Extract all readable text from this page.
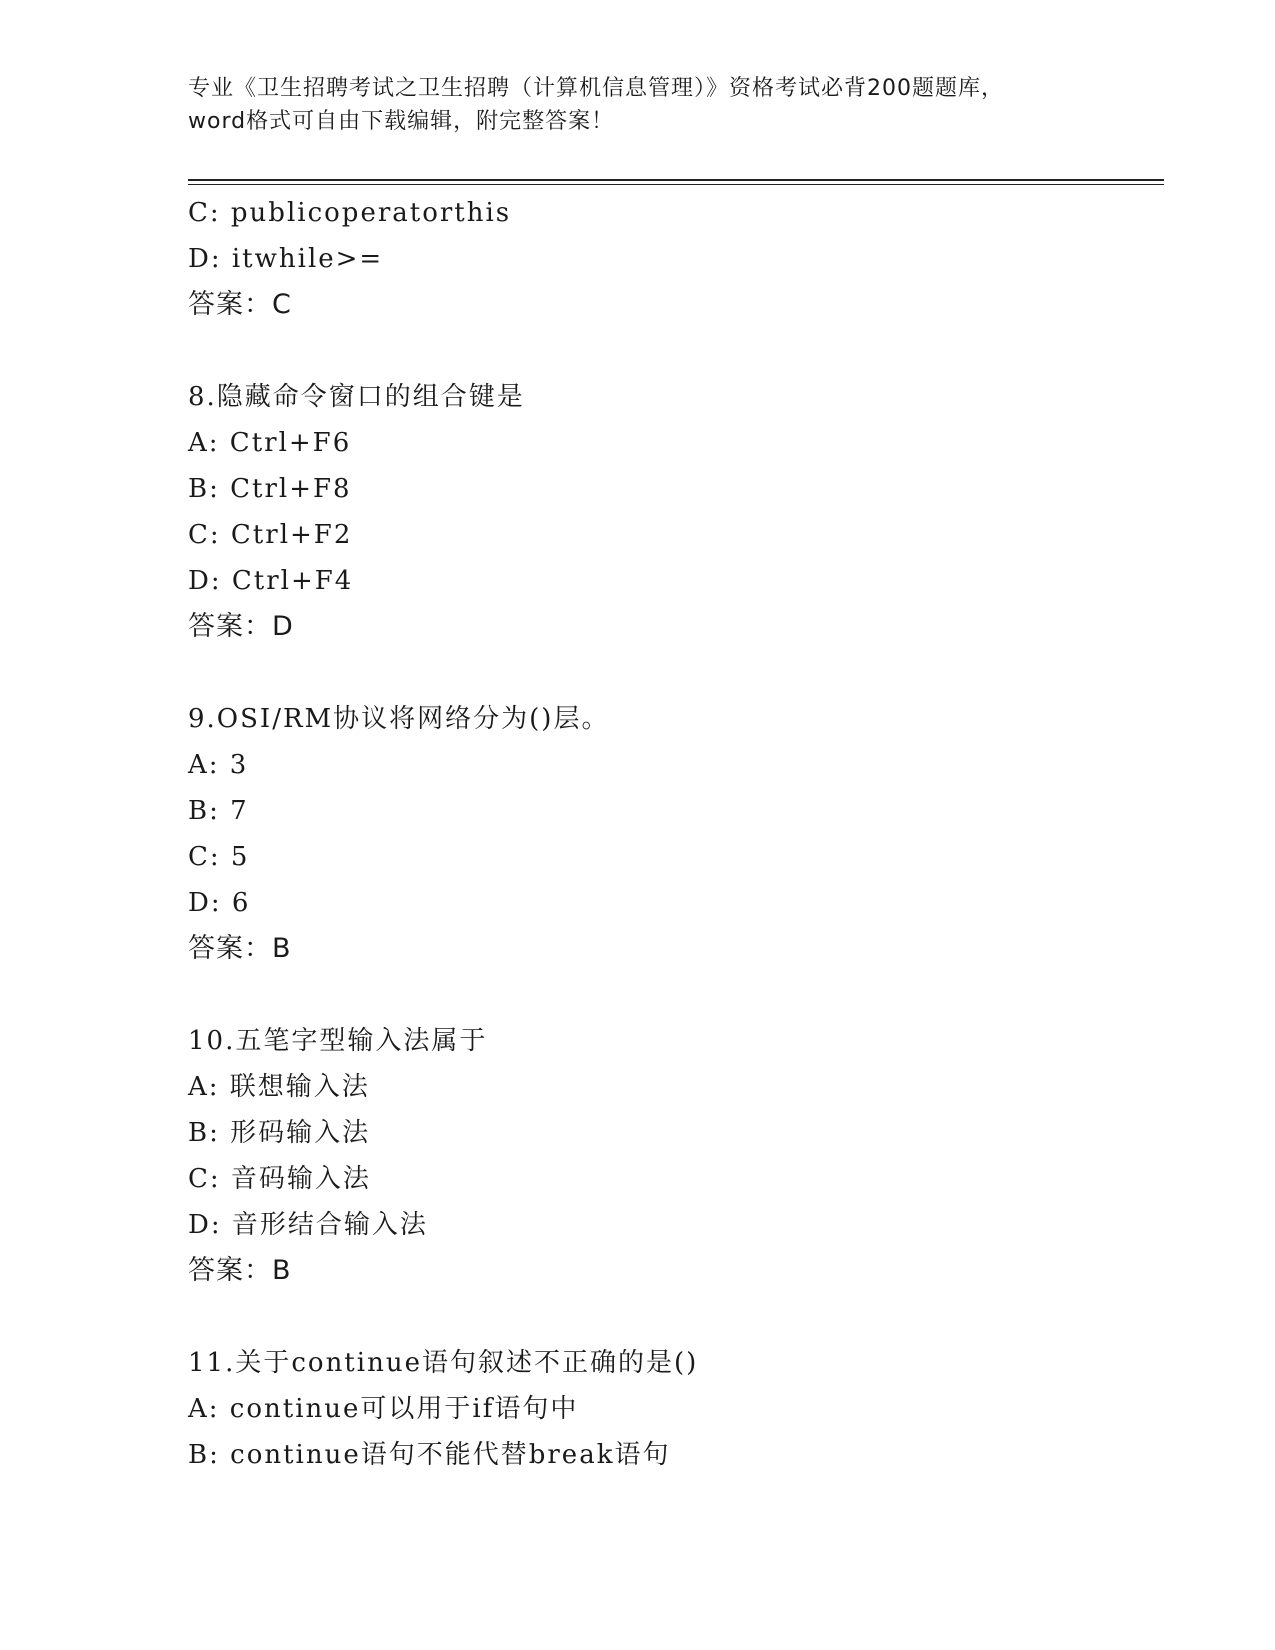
专业《卫生招聘考试之卫生招聘（计算机信息管理）》资格考试必背200题题库，
word格式可自由下载编辑，附完整答案！
C: publicoperatorthis
D: itwhile>=
答案：C
8.隐藏命令窗口的组合键是
A: Ctrl+F6
B: Ctrl+F8
C: Ctrl+F2
D: Ctrl+F4
答案：D
9.OSI/RM协议将网络分为()层。
A: 3
B: 7
C: 5
D: 6
答案：B
10.五笔字型输入法属于
A: 联想输入法
B: 形码输入法
C: 音码输入法
D: 音形结合输入法
答案：B
11.关于continue语句叙述不正确的是()
A: continue可以用于if语句中
B: continue语句不能代替break语句
